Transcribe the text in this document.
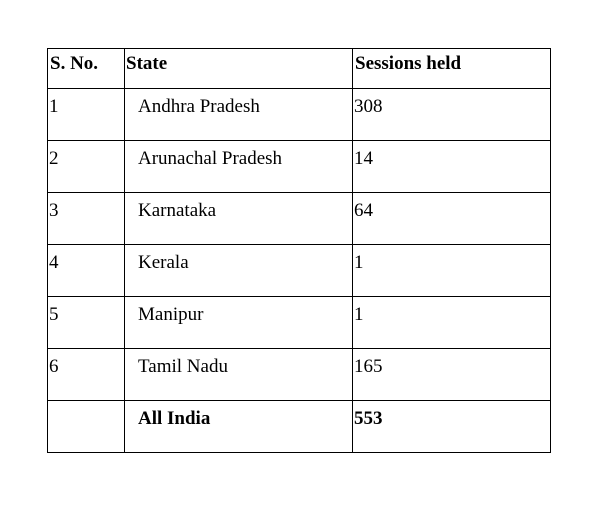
S. No.	State	Sessions held
1	Andhra Pradesh	308
2	Arunachal Pradesh	14
3	Karnataka	64
4	Kerala	1
5	Manipur	1
6	Tamil Nadu	165
	All India	553
